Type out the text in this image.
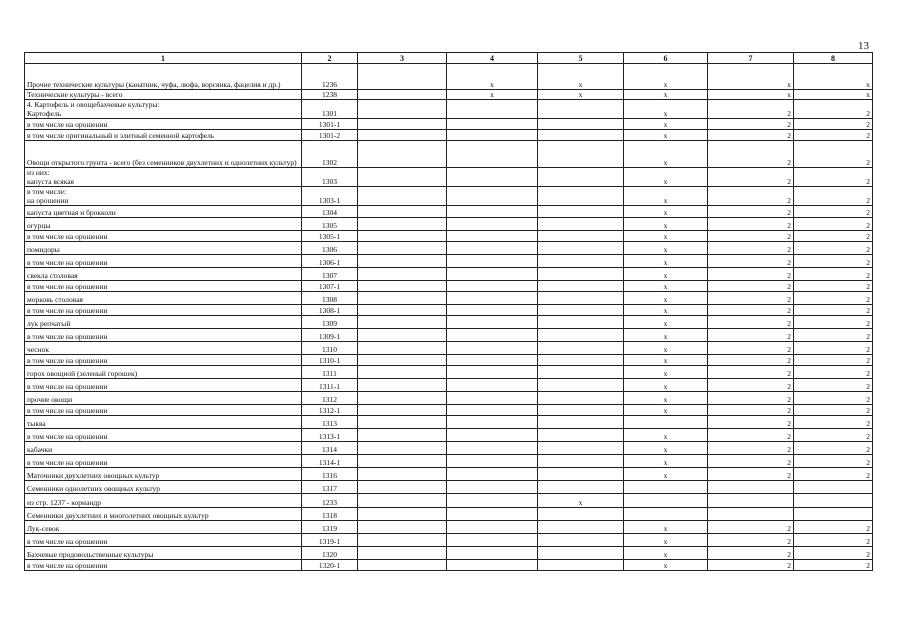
13
1	2	3	4	5	6	7	8

Прочие технические культуры (канатник, чуфа, люфа, ворсянка, фацелия и др.)	1236		х	х	х	х	х

Технические культуры - всего	1238		х	х	х	х	х

4. Картофель и овощебахчевые культуры:
Картофель	1301				х	2	2

в том числе на орошении	1301-1				х	2	2

в том числе оригинальный и элитный семенной картофель	1301-2				х	2	2

Овощи открытого грунта - всего (без семенников двухлетних и однолетних культур)	1302				х	2	2

из них:
капуста всякая	1303				х	2	2

в том числе:
на орошении	1303-1				х	2	2

капуста цветная и брокколи	1304				х	2	2

огурцы	1305				х	2	2

в том числе на орошении	1305-1				х	2	2

помидоры	1306				х	2	2

в том числе на орошении	1306-1				х	2	2

свекла столовая	1307				х	2	2

в том числе на орошении	1307-1				х	2	2

морковь столовая	1308				х	2	2

в том числе на орошении	1308-1				х	2	2

лук репчатый	1309				х	2	2

в том числе на орошении	1309-1				х	2	2

чеснок	1310				х	2	2

в том числе на орошении	1310-1				х	2	2

горох овощной (зеленый горошек)	1311				х	2	2

в том числе на орошении	1311-1				х	2	2

прочие овощи	1312				х	2	2

в том числе на орошении	1312-1				х	2	2

тыква	1313					2	2

в том числе на орошении	1313-1				х	2	2

кабачки	1314				х	2	2

в том числе на орошении	1314-1				х	2	2

Маточники двухлетних овощных культур	1316				х	2	2

Семенники однолетних овощных культур	1317						

из стр. 1237 - кориандр	1233			х			

Семенники двухлетних и многолетних овощных культур	1318						

Лук-севок	1319				х	2	2

в том числе на орошении	1319-1				х	2	2

Бахчевые продовольственные культуры	1320				х	2	2

в том числе на орошении	1320-1				х	2	2
